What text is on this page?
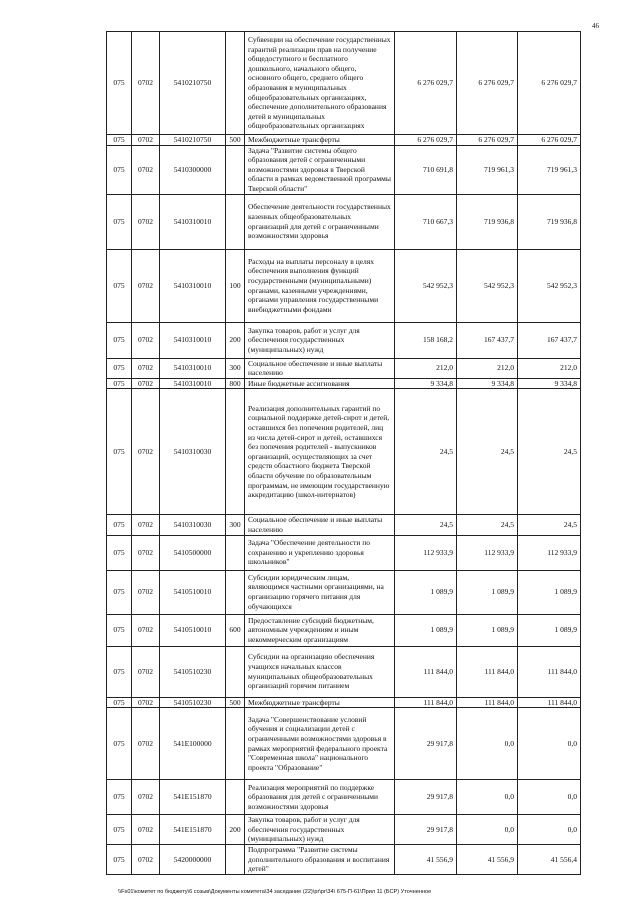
46
075	0702	5410210750		Субвенции на обеспечение государственных гарантий реализации прав на получение общедоступного и бесплатного дошкольного, начального общего, основного общего, среднего общего образования в муниципальных общеобразовательных организациях, обеспечение дополнительного образования детей в муниципальных общеобразовательных организациях	6 276 029,7	6 276 029,7	6 276 029,7
075	0702	5410210750	500	Межбюджетные трансферты	6 276 029,7	6 276 029,7	6 276 029,7
075	0702	5410300000		Задача "Развитие системы общего образования детей с ограниченными возможностями здоровья в Тверской области в рамках ведомственной программы Тверской области"	710 691,8	719 961,3	719 961,3
075	0702	5410310010		Обеспечение деятельности государственных казенных общеобразовательных организаций для детей с ограниченными возможностями здоровья	710 667,3	719 936,8	719 936,8
075	0702	5410310010	100	Расходы на выплаты персоналу в целях обеспечения выполнения функций государственными (муниципальными) органами, казенными учреждениями, органами управления государственными внебюджетными фондами	542 952,3	542 952,3	542 952,3
075	0702	5410310010	200	Закупка товаров, работ и услуг для обеспечения государственных (муниципальных) нужд	158 168,2	167 437,7	167 437,7
075	0702	5410310010	300	Социальное обеспечение и иные выплаты населению	212,0	212,0	212,0
075	0702	5410310010	800	Иные бюджетные ассигнования	9 334,8	9 334,8	9 334,8
075	0702	5410310030		Реализация дополнительных гарантий по социальной поддержке детей-сирот и детей, оставшихся без попечения родителей, лиц из числа детей-сирот и детей, оставшихся без попечения родителей - выпускников организаций, осуществляющих за счет средств областного бюджета Тверской области обучение по образовательным программам, не имеющим государственную аккредитацию (школ-интернатов)	24,5	24,5	24,5
075	0702	5410310030	300	Социальное обеспечение и иные выплаты населению	24,5	24,5	24,5
075	0702	5410500000		Задача "Обеспечение деятельности по сохранению и укреплению здоровья школьников"	112 933,9	112 933,9	112 933,9
075	0702	5410510010		Субсидии юридическим лицам, являющимся частными организациями, на организацию горячего питания для обучающихся	1 089,9	1 089,9	1 089,9
075	0702	5410510010	600	Предоставление субсидий бюджетным, автономным учреждениям и иным некоммерческим организациям	1 089,9	1 089,9	1 089,9
075	0702	5410510230		Субсидии на организацию обеспечения учащихся начальных классов муниципальных общеобразовательных организаций горячим питанием	111 844,0	111 844,0	111 844,0
075	0702	5410510230	500	Межбюджетные трансферты	111 844,0	111 844,0	111 844,0
075	0702	541E100000		Задача "Совершенствование условий обучения и социализации детей с ограниченными возможностями здоровья в рамках мероприятий федерального проекта "Современная школа" национального проекта "Образование"	29 917,8	0,0	0,0
075	0702	541E151870		Реализация мероприятий по поддержке образования для детей с ограниченными возможностями здоровья	29 917,8	0,0	0,0
075	0702	541E151870	200	Закупка товаров, работ и услуг для обеспечения государственных (муниципальных) нужд	29 917,8	0,0	0,0
075	0702	5420000000		Подпрограмма "Развитие системы дополнительного образования и воспитания детей"	41 556,9	41 556,9	41 556,4
\\Fs01\комитет по бюджету\6 созыв\Документы комитета\34 заседание (22)\pr\pr\34\ 675-П-61\Прил 11 (БСР) Уточненное
